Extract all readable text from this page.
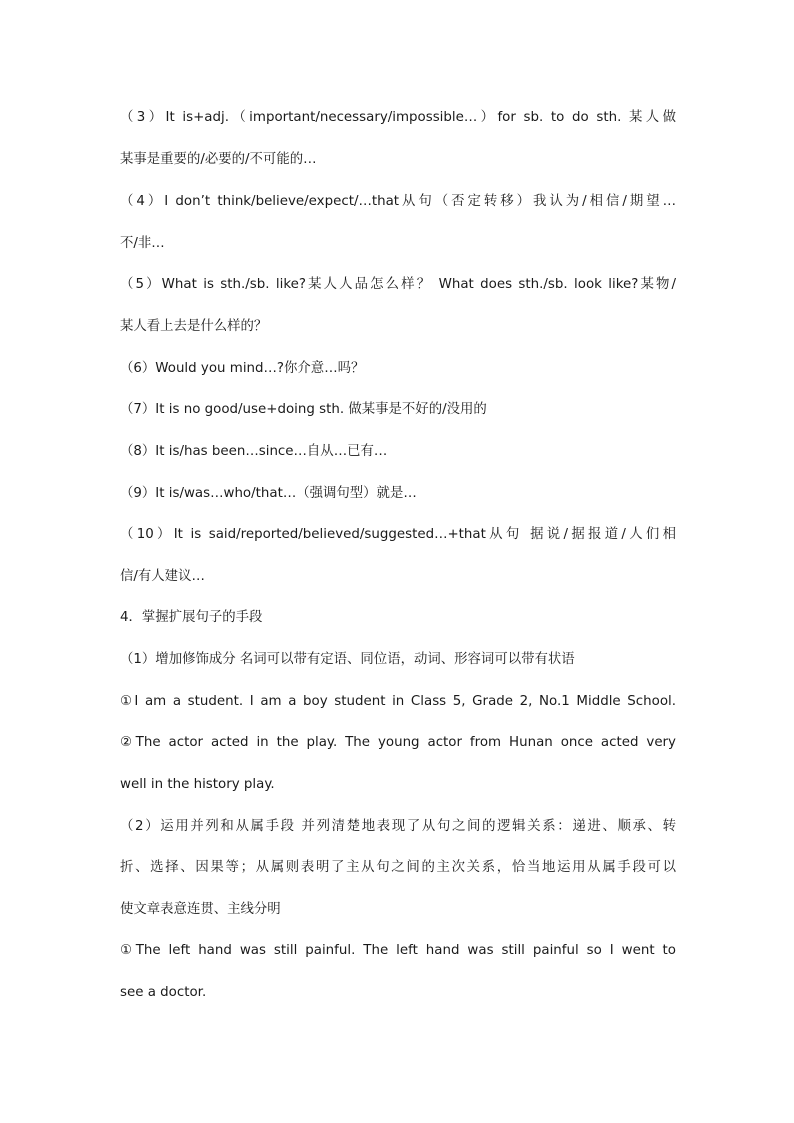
（3）It is+adj.（important/necessary/impossible…）for sb. to do sth. 某人做
某事是重要的/必要的/不可能的…
（4）I don’t think/believe/expect/…that从句（否定转移）我认为/相信/期望…
不/非…
（5）What is sth./sb. like?某人人品怎么样？ What does sth./sb. look like?某物/
某人看上去是什么样的？
（6）Would you mind…?你介意…吗？
（7）It is no good/use+doing sth. 做某事是不好的/没用的
（8）It is/has been…since…自从…已有…
（9）It is/was…who/that…（强调句型）就是…
（10）It is said/reported/believed/suggested…+that从句 据说/据报道/人们相
信/有人建议…
4．掌握扩展句子的手段
（1）增加修饰成分 名词可以带有定语、同位语，动词、形容词可以带有状语
①I am a student. I am a boy student in Class 5, Grade 2, No.1 Middle School.
②The actor acted in the play. The young actor from Hunan once acted very
well in the history play.
（2）运用并列和从属手段 并列清楚地表现了从句之间的逻辑关系：递进、顺承、转
折、选择、因果等；从属则表明了主从句之间的主次关系，恰当地运用从属手段可以
使文章表意连贯、主线分明
①The left hand was still painful. The left hand was still painful so I went to
see a doctor.
